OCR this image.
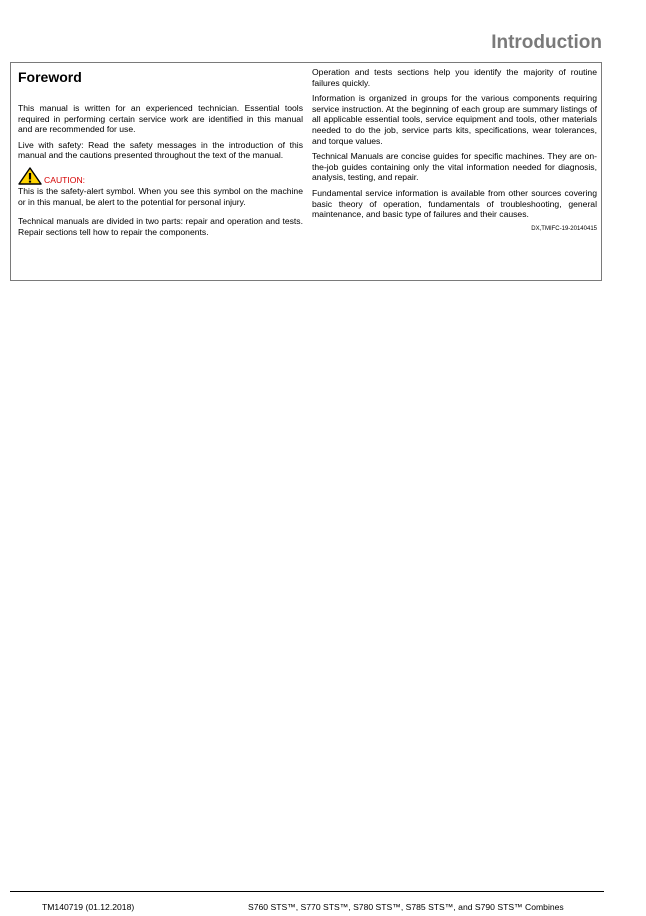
Introduction
Foreword

This manual is written for an experienced technician. Essential tools required in performing certain service work are identified in this manual and are recommended for use.

Live with safety: Read the safety messages in the introduction of this manual and the cautions presented throughout the text of the manual.

CAUTION:

This is the safety-alert symbol. When you see this symbol on the machine or in this manual, be alert to the potential for personal injury.

Technical manuals are divided in two parts: repair and operation and tests. Repair sections tell how to repair the components.

Operation and tests sections help you identify the majority of routine failures quickly.

Information is organized in groups for the various components requiring service instruction. At the beginning of each group are summary listings of all applicable essential tools, service equipment and tools, other materials needed to do the job, service parts kits, specifications, wear tolerances, and torque values.

Technical Manuals are concise guides for specific machines. They are on-the-job guides containing only the vital information needed for diagnosis, analysis, testing, and repair.

Fundamental service information is available from other sources covering basic theory of operation, fundamentals of troubleshooting, general maintenance, and basic type of failures and their causes.

DX,TMIFC-19-20140415
TM140719 (01.12.2018)	S760 STS™, S770 STS™, S780 STS™, S785 STS™, and S790 STS™ Combines
